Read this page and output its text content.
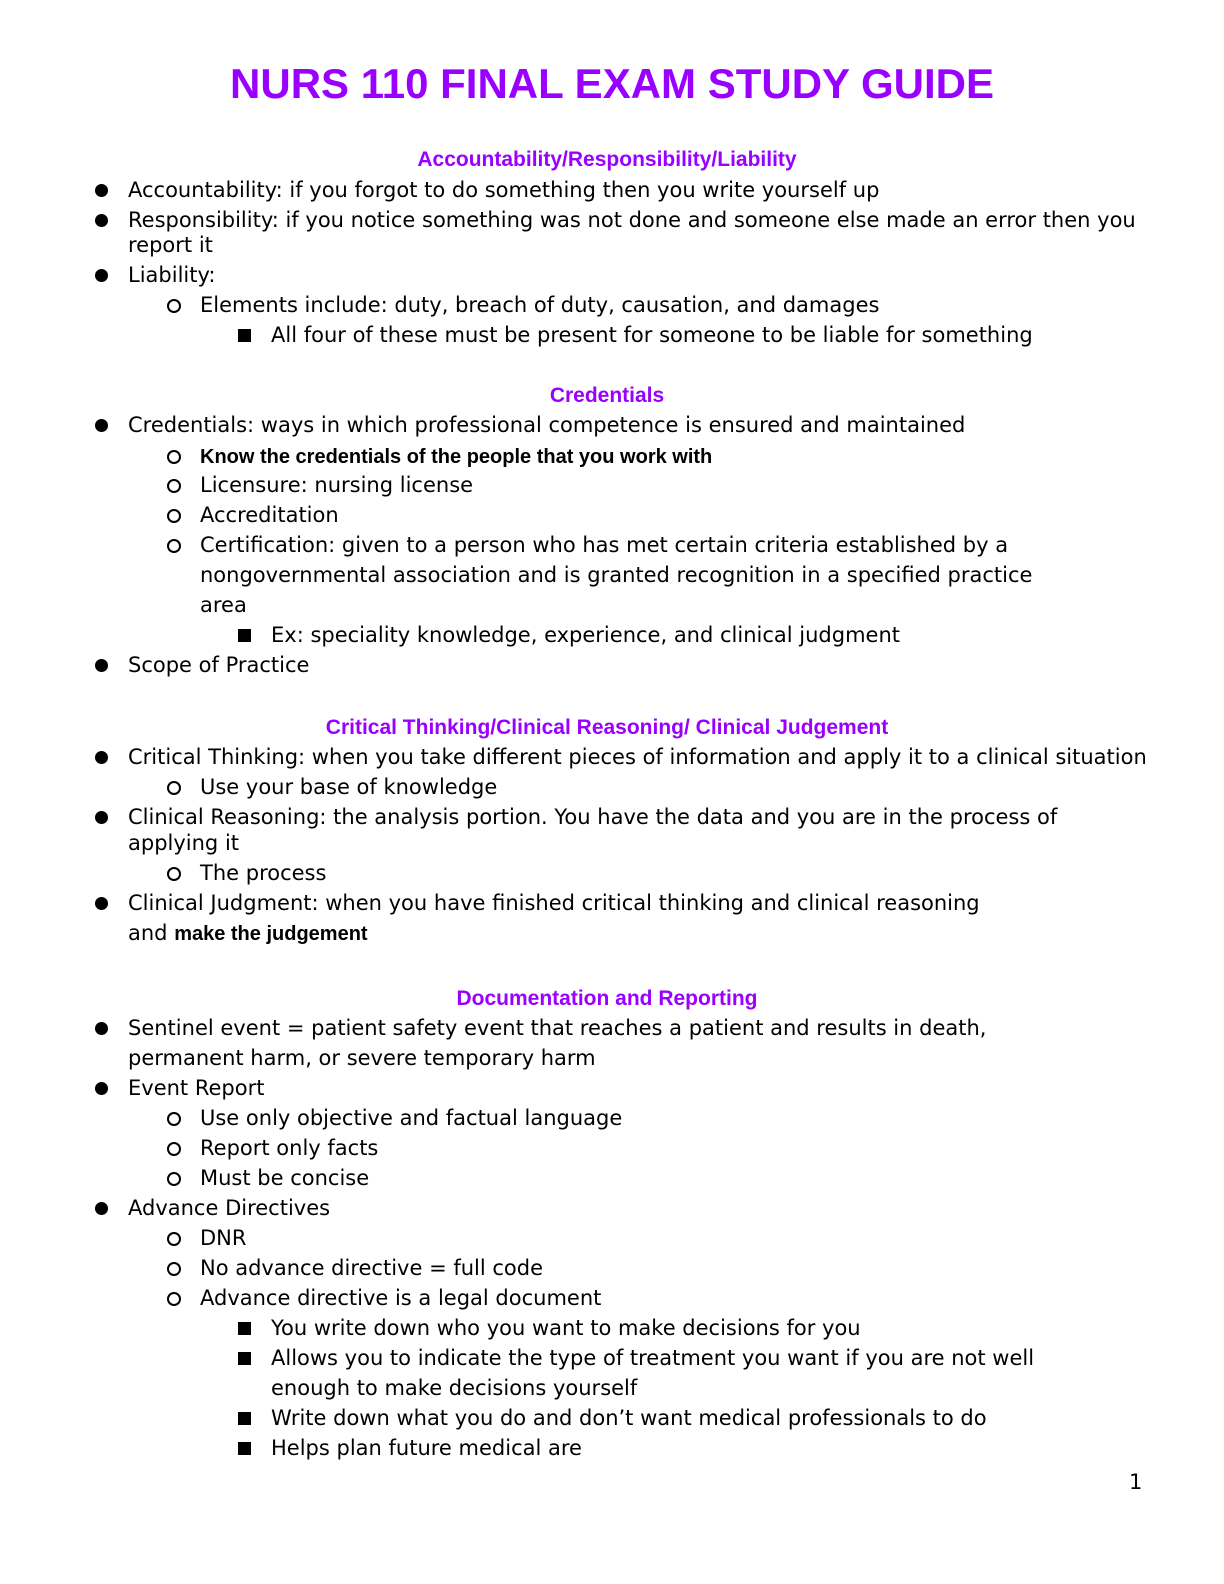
NURS 110 FINAL EXAM STUDY GUIDE
Accountability/Responsibility/Liability

Accountability: if you forgot to do something then you write yourself up

Responsibility: if you notice something was not done and someone else made an error then you

report it

Liability:

Elements include: duty, breach of duty, causation, and damages

All four of these must be present for someone to be liable for something

Credentials

Credentials: ways in which professional competence is ensured and maintained

Know the credentials of the people that you work with

Licensure: nursing license

Accreditation

Certification: given to a person who has met certain criteria established by a

nongovernmental association and is granted recognition in a specified practice

area

Ex: speciality knowledge, experience, and clinical judgment

Scope of Practice

Critical Thinking/Clinical Reasoning/ Clinical Judgement

Critical Thinking: when you take different pieces of information and apply it to a clinical situation

Use your base of knowledge

Clinical Reasoning: the analysis portion. You have the data and you are in the process of

applying it

The process

Clinical Judgment: when you have finished critical thinking and clinical reasoning

and make the judgement

Documentation and Reporting

Sentinel event = patient safety event that reaches a patient and results in death,

permanent harm, or severe temporary harm

Event Report

Use only objective and factual language

Report only facts

Must be concise

Advance Directives

DNR

No advance directive = full code

Advance directive is a legal document

You write down who you want to make decisions for you

Allows you to indicate the type of treatment you want if you are not well

enough to make decisions yourself

Write down what you do and don’t want medical professionals to do

Helps plan future medical are

1
